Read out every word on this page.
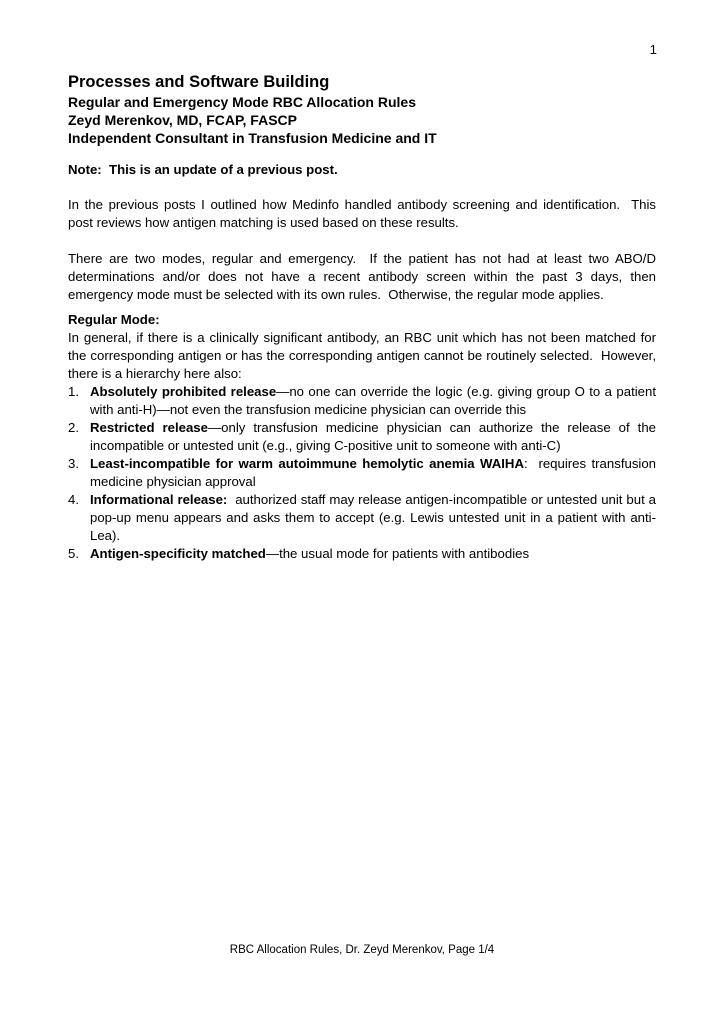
1
Processes and Software Building
Regular and Emergency Mode RBC Allocation Rules
Zeyd Merenkov, MD, FCAP, FASCP
Independent Consultant in Transfusion Medicine and IT

Note:  This is an update of a previous post.

In the previous posts I outlined how Medinfo handled antibody screening and identification.  This post reviews how antigen matching is used based on these results.

There are two modes, regular and emergency.  If the patient has not had at least two ABO/D determinations and/or does not have a recent antibody screen within the past 3 days, then emergency mode must be selected with its own rules.  Otherwise, the regular mode applies.

Regular Mode:
In general, if there is a clinically significant antibody, an RBC unit which has not been matched for the corresponding antigen or has the corresponding antigen cannot be routinely selected.  However, there is a hierarchy here also:
1. Absolutely prohibited release—no one can override the logic (e.g. giving group O to a patient with anti-H)—not even the transfusion medicine physician can override this
2. Restricted release—only transfusion medicine physician can authorize the release of the incompatible or untested unit (e.g., giving C-positive unit to someone with anti-C)
3. Least-incompatible for warm autoimmune hemolytic anemia WAIHA:  requires transfusion medicine physician approval
4. Informational release:  authorized staff may release antigen-incompatible or untested unit but a pop-up menu appears and asks them to accept (e.g. Lewis untested unit in a patient with anti-Lea).
5. Antigen-specificity matched—the usual mode for patients with antibodies
RBC Allocation Rules, Dr. Zeyd Merenkov, Page 1/4
